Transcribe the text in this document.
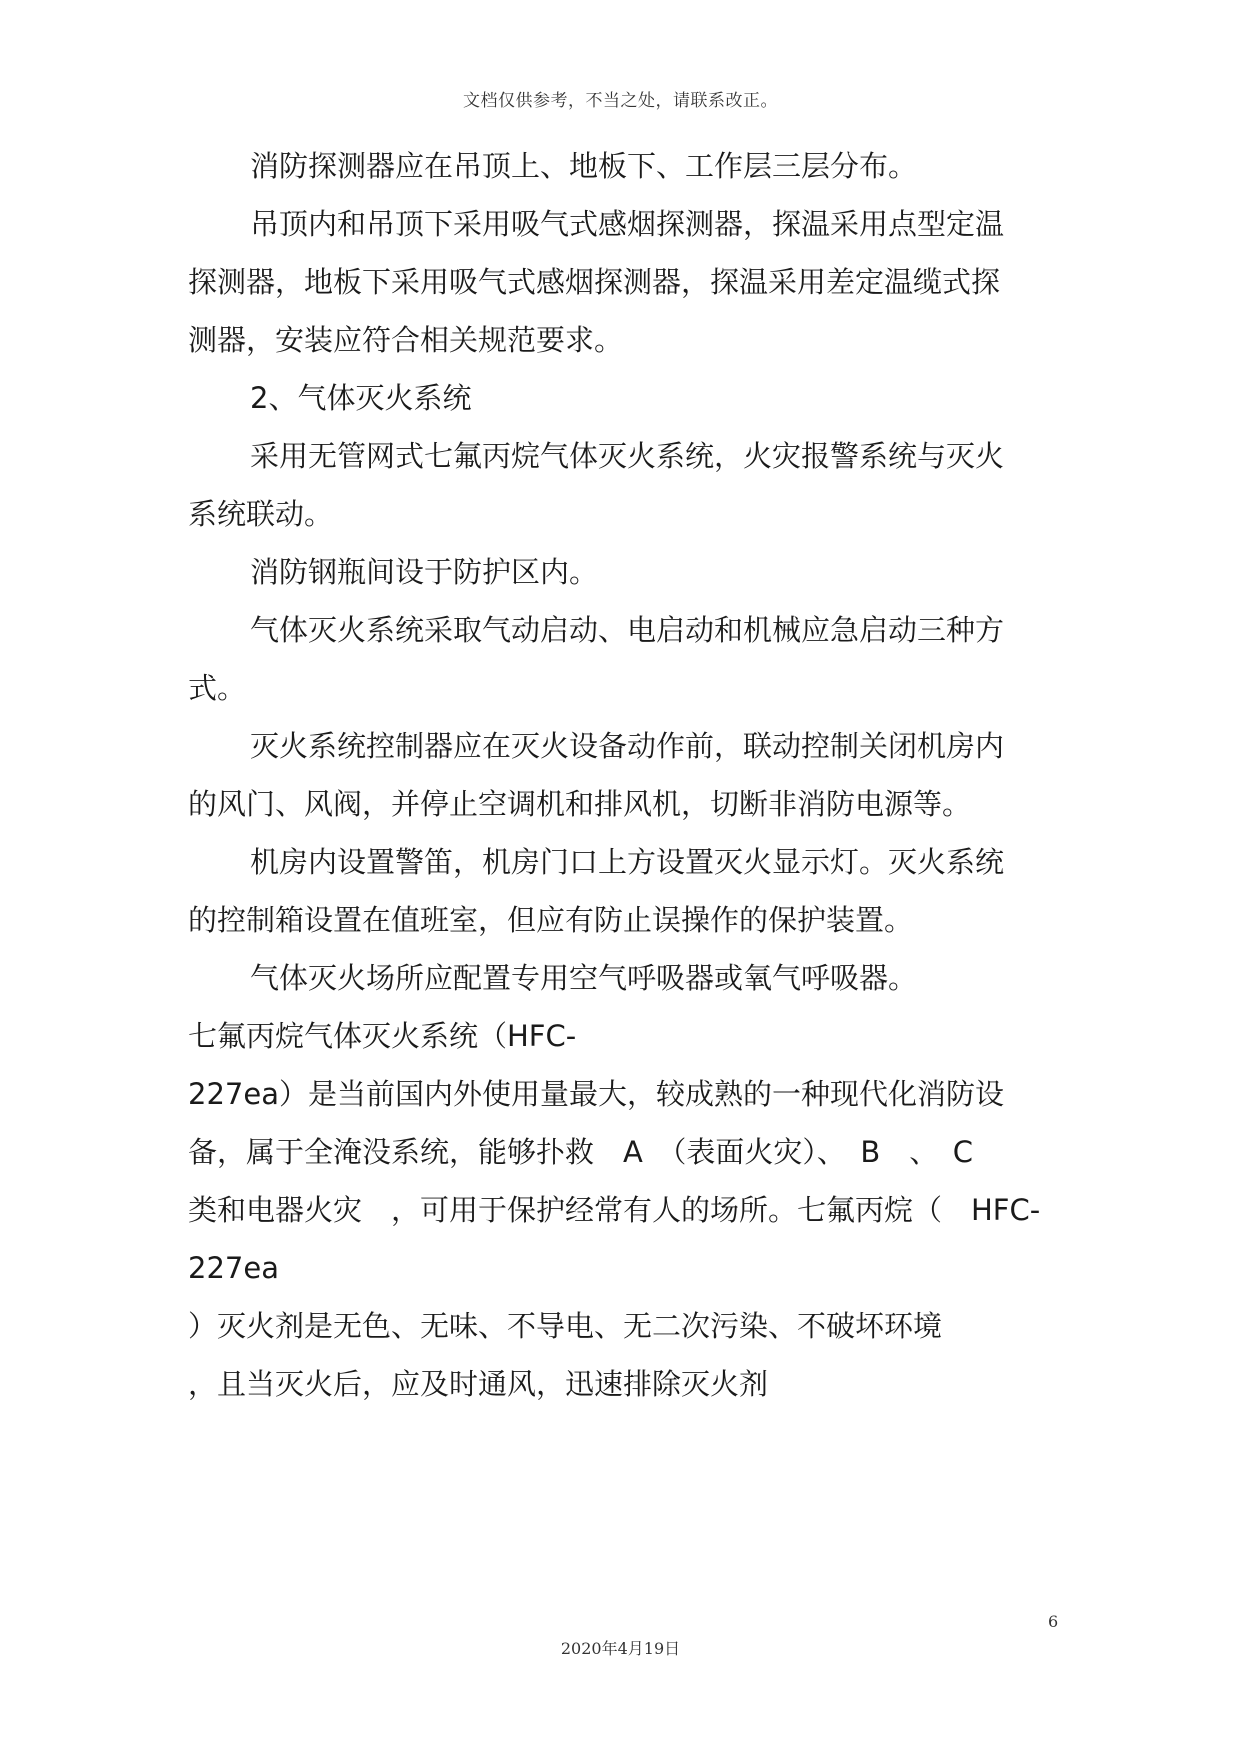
文档仅供参考，不当之处，请联系改正。
消防探测器应在吊顶上、地板下、工作层三层分布。
吊顶内和吊顶下采用吸气式感烟探测器，探温采用点型定温
探测器，地板下采用吸气式感烟探测器，探温采用差定温缆式探
测器，安装应符合相关规范要求。
2、气体灭火系统
采用无管网式七氟丙烷气体灭火系统，火灾报警系统与灭火
系统联动。
消防钢瓶间设于防护区内。
气体灭火系统采取气动启动、电启动和机械应急启动三种方
式。
灭火系统控制器应在灭火设备动作前，联动控制关闭机房内
的风门、风阀，并停止空调机和排风机，切断非消防电源等。
机房内设置警笛，机房门口上方设置灭火显示灯。灭火系统
的控制箱设置在值班室，但应有防止误操作的保护装置。
气体灭火场所应配置专用空气呼吸器或氧气呼吸器。
七氟丙烷气体灭火系统（HFC-
227ea）是当前国内外使用量最大，较成熟的一种现代化消防设
备，属于全淹没系统，能够扑救　A　（表面火灾）、　B　、　C
类和电器火灾　，可用于保护经常有人的场所。七氟丙烷（　HFC-
227ea
）灭火剂是无色、无味、不导电、无二次污染、不破坏环境
，且当灭火后，应及时通风，迅速排除灭火剂
6
2020年4月19日
